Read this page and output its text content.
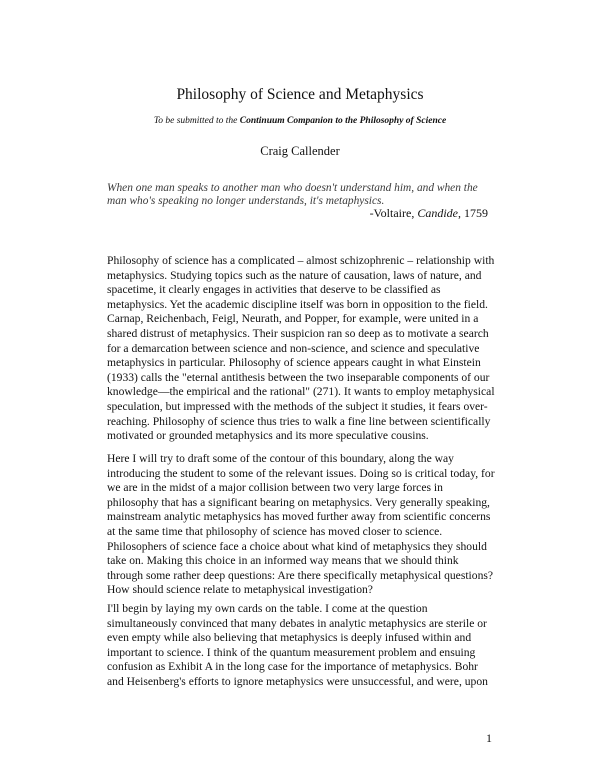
Philosophy of Science and Metaphysics

To be submitted to the Continuum Companion to the Philosophy of Science

Craig Callender

When one man speaks to another man who doesn't understand him, and when the man who's speaking no longer understands, it's metaphysics.

-Voltaire, Candide, 1759

Philosophy of science has a complicated – almost schizophrenic – relationship with metaphysics. Studying topics such as the nature of causation, laws of nature, and spacetime, it clearly engages in activities that deserve to be classified as metaphysics. Yet the academic discipline itself was born in opposition to the field. Carnap, Reichenbach, Feigl, Neurath, and Popper, for example, were united in a shared distrust of metaphysics. Their suspicion ran so deep as to motivate a search for a demarcation between science and non-science, and science and speculative metaphysics in particular. Philosophy of science appears caught in what Einstein (1933) calls the "eternal antithesis between the two inseparable components of our knowledge—the empirical and the rational" (271). It wants to employ metaphysical speculation, but impressed with the methods of the subject it studies, it fears over-reaching. Philosophy of science thus tries to walk a fine line between scientifically motivated or grounded metaphysics and its more speculative cousins.

Here I will try to draft some of the contour of this boundary, along the way introducing the student to some of the relevant issues. Doing so is critical today, for we are in the midst of a major collision between two very large forces in philosophy that has a significant bearing on metaphysics. Very generally speaking, mainstream analytic metaphysics has moved further away from scientific concerns at the same time that philosophy of science has moved closer to science. Philosophers of science face a choice about what kind of metaphysics they should take on. Making this choice in an informed way means that we should think through some rather deep questions: Are there specifically metaphysical questions? How should science relate to metaphysical investigation?

I'll begin by laying my own cards on the table. I come at the question simultaneously convinced that many debates in analytic metaphysics are sterile or even empty while also believing that metaphysics is deeply infused within and important to science. I think of the quantum measurement problem and ensuing confusion as Exhibit A in the long case for the importance of metaphysics. Bohr and Heisenberg's efforts to ignore metaphysics were unsuccessful, and were, upon

1
